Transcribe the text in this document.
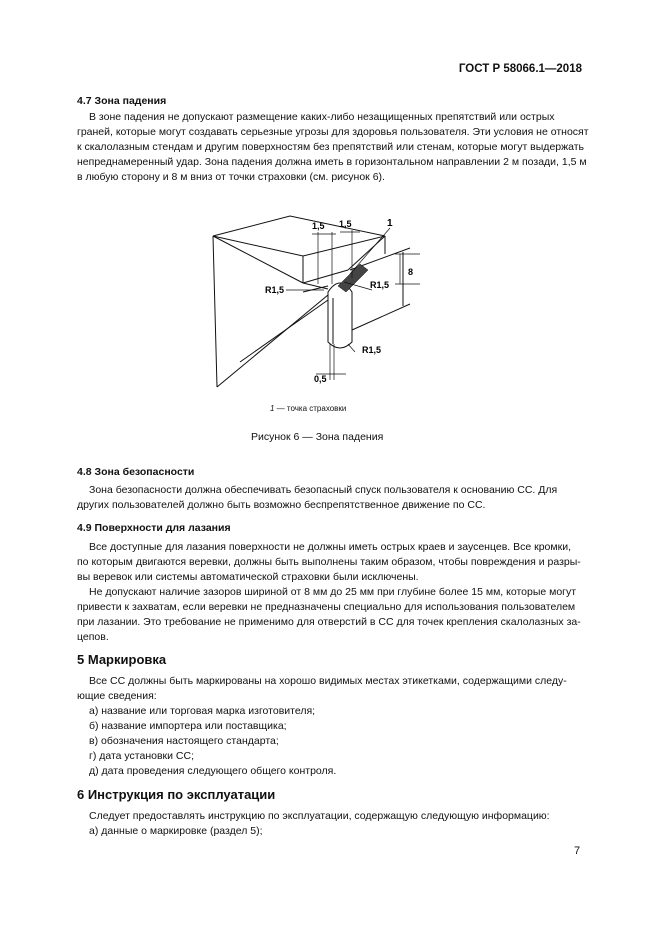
ГОСТ Р 58066.1—2018
4.7 Зона падения
В зоне падения не допускают размещение каких-либо незащищенных препятствий или острых
граней, которые могут создавать серьезные угрозы для здоровья пользователя. Эти условия не относят
к скалолазным стендам и другим поверхностям без препятствий или стенам, которые могут выдержать
непреднамеренный удар. Зона падения должна иметь в горизонтальном направлении 2 м позади, 1,5 м
в любую сторону и 8 м вниз от точки страховки (см. рисунок 6).
1,5 1,5	1
8
R1,5	R1,5
R1,5
0,5
1 — точка страховки
Рисунок 6 — Зона падения
4.8 Зона безопасности
Зона безопасности должна обеспечивать безопасный спуск пользователя к основанию СС. Для
других пользователей должно быть возможно беспрепятственное движение по СС.
4.9 Поверхности для лазания
Все доступные для лазания поверхности не должны иметь острых краев и заусенцев. Все кромки,
по которым двигаются веревки, должны быть выполнены таким образом, чтобы повреждения и разры-
вы веревок или системы автоматической страховки были исключены.
Не допускают наличие зазоров шириной от 8 мм до 25 мм при глубине более 15 мм, которые могут
привести к захватам, если веревки не предназначены специально для использования пользователем
при лазании. Это требование не применимо для отверстий в СС для точек крепления скалолазных за-
цепов.
5 Маркировка
Все СС должны быть маркированы на хорошо видимых местах этикетками, содержащими следу-
ющие сведения:
а) название или торговая марка изготовителя;
б) название импортера или поставщика;
в) обозначения настоящего стандарта;
г) дата установки СС;
д) дата проведения следующего общего контроля.
6 Инструкция по эксплуатации
Следует предоставлять инструкцию по эксплуатации, содержащую следующую информацию:
а) данные о маркировке (раздел 5);
7
